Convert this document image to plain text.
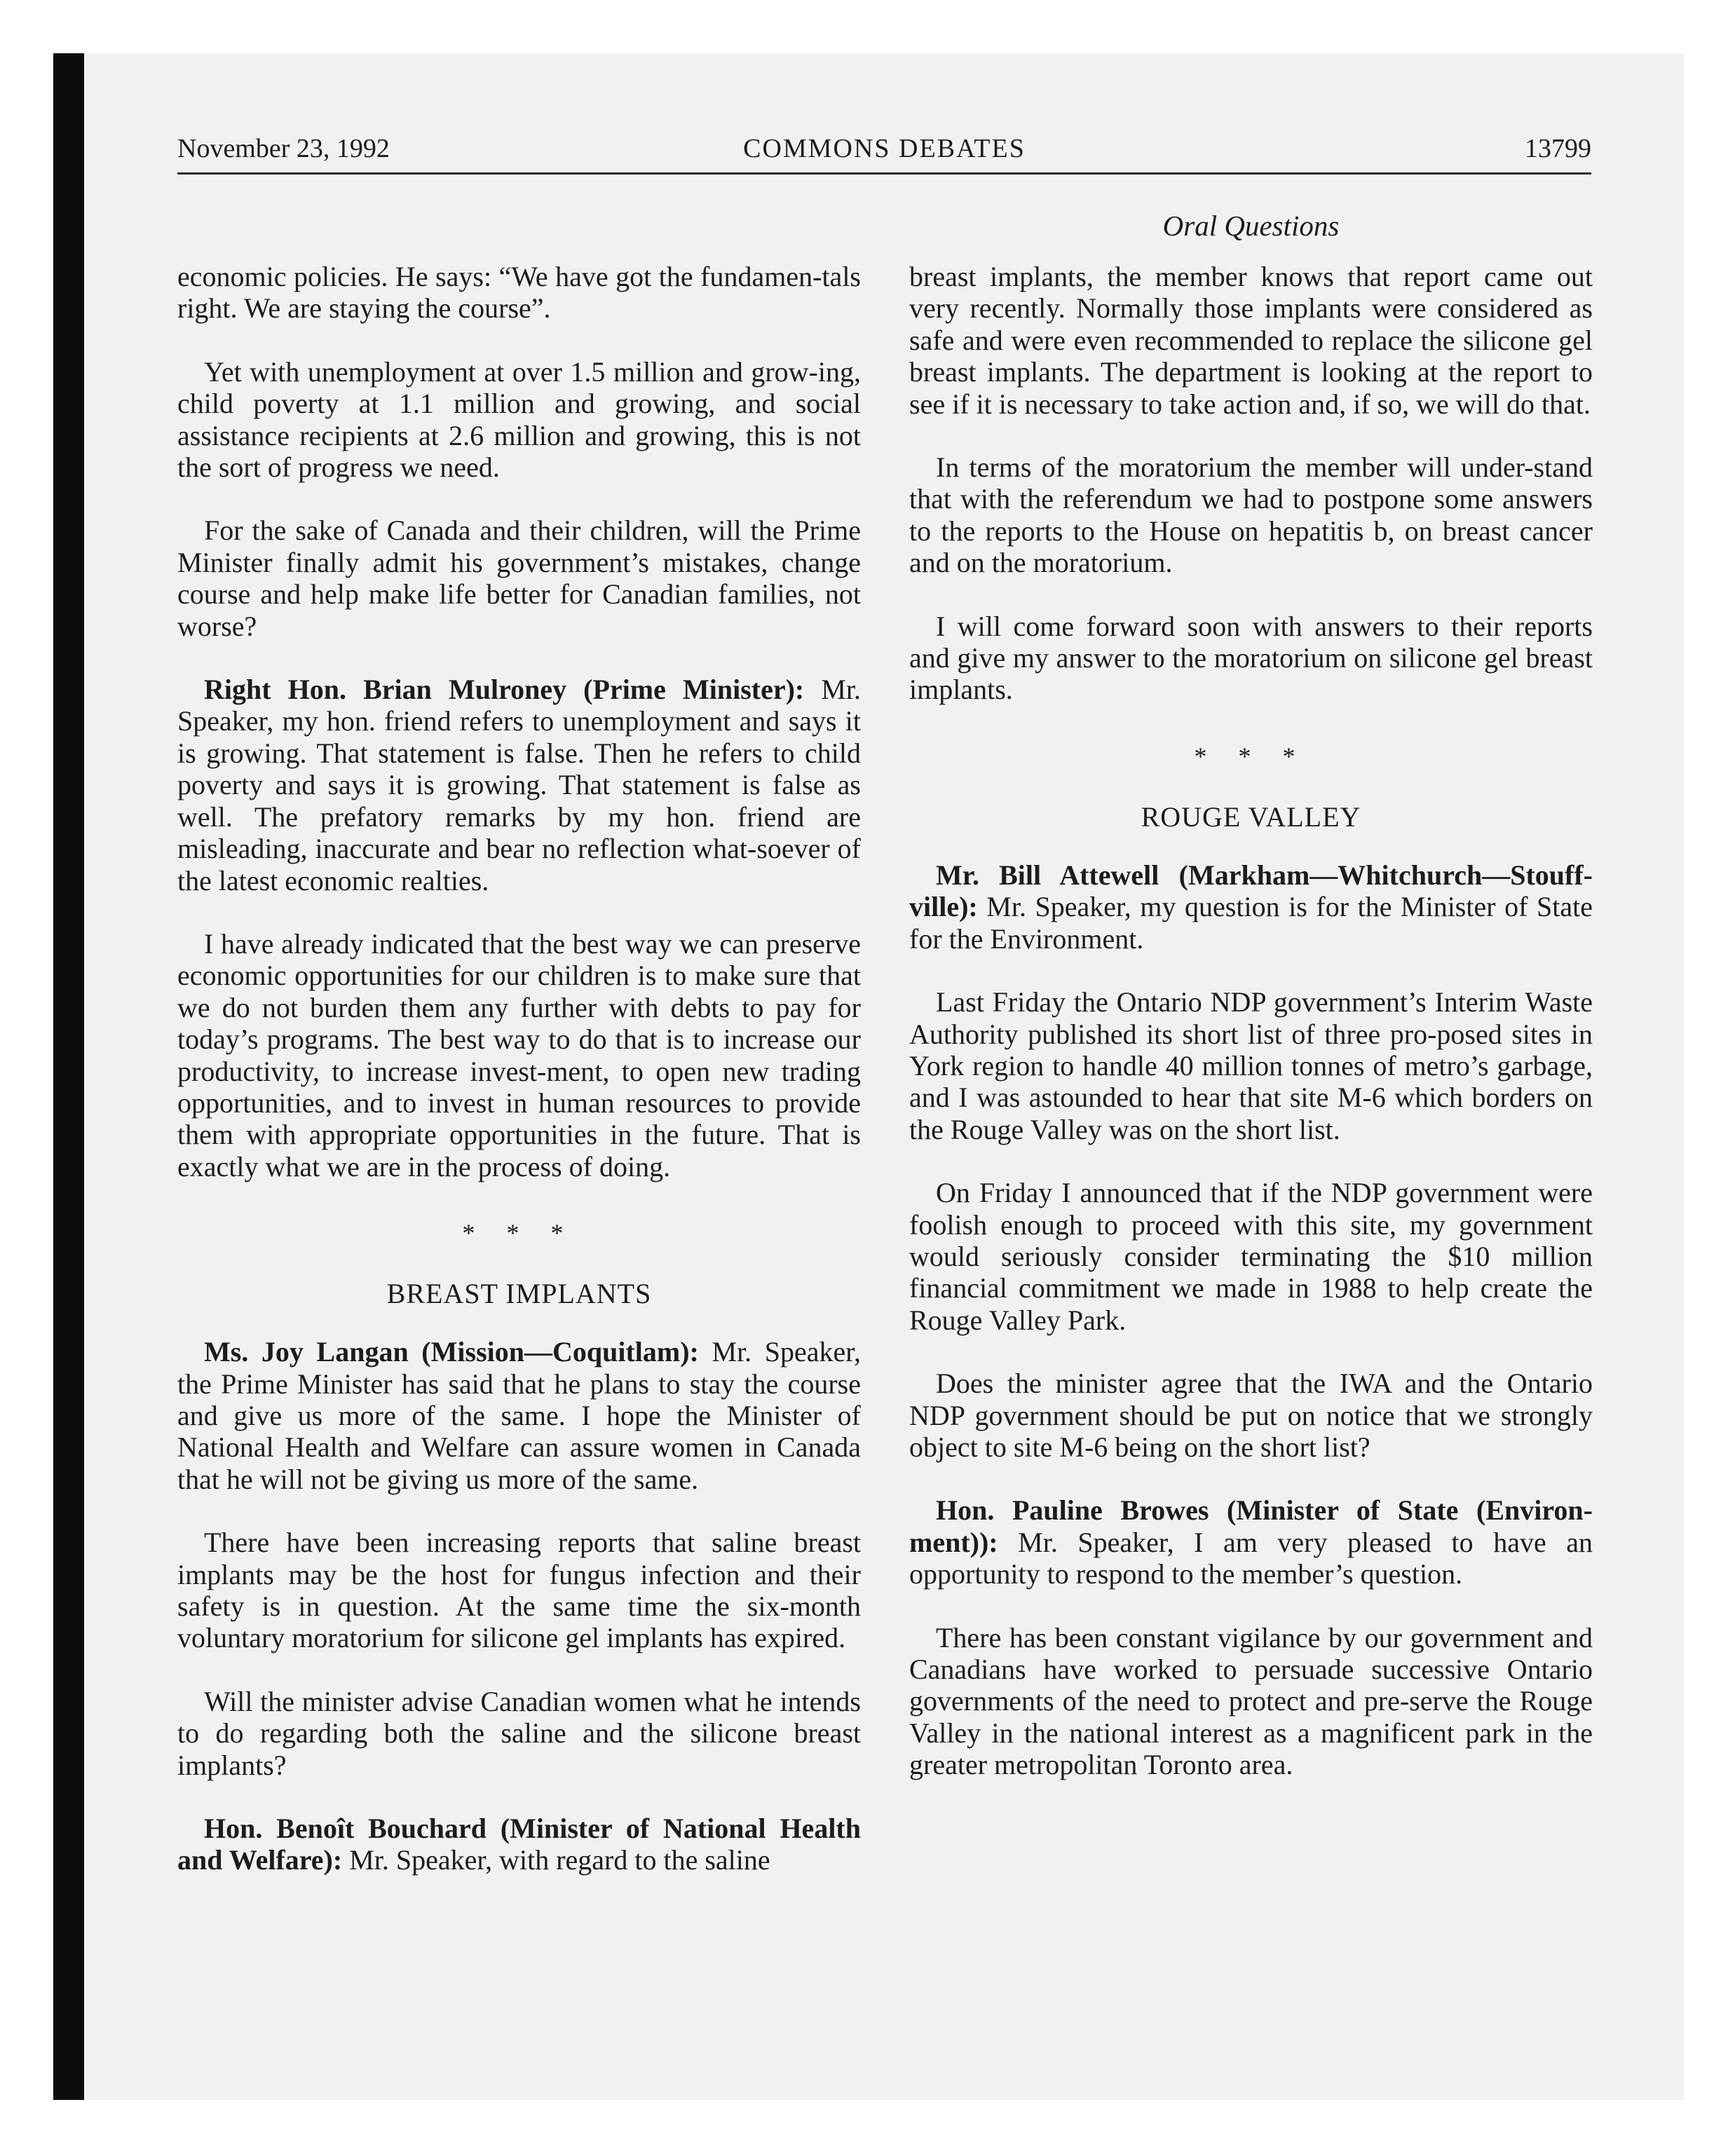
November 23, 1992	COMMONS DEBATES	13799
Oral Questions

economic policies. He says: “We have got the fundamen-tals right. We are staying the course”.

Yet with unemployment at over 1.5 million and grow-ing, child poverty at 1.1 million and growing, and social assistance recipients at 2.6 million and growing, this is not the sort of progress we need.

For the sake of Canada and their children, will the Prime Minister finally admit his government’s mistakes, change course and help make life better for Canadian families, not worse?

Right Hon. Brian Mulroney (Prime Minister): Mr. Speaker, my hon. friend refers to unemployment and says it is growing. That statement is false. Then he refers to child poverty and says it is growing. That statement is false as well. The prefatory remarks by my hon. friend are misleading, inaccurate and bear no reflection what-soever of the latest economic realties.

I have already indicated that the best way we can preserve economic opportunities for our children is to make sure that we do not burden them any further with debts to pay for today’s programs. The best way to do that is to increase our productivity, to increase invest-ment, to open new trading opportunities, and to invest in human resources to provide them with appropriate opportunities in the future. That is exactly what we are in the process of doing.

* * *
BREAST IMPLANTS

Ms. Joy Langan (Mission—Coquitlam): Mr. Speaker, the Prime Minister has said that he plans to stay the course and give us more of the same. I hope the Minister of National Health and Welfare can assure women in Canada that he will not be giving us more of the same.

There have been increasing reports that saline breast implants may be the host for fungus infection and their safety is in question. At the same time the six-month voluntary moratorium for silicone gel implants has expired.

Will the minister advise Canadian women what he intends to do regarding both the saline and the silicone breast implants?

Hon. Benoît Bouchard (Minister of National Health and Welfare): Mr. Speaker, with regard to the saline

breast implants, the member knows that report came out very recently. Normally those implants were considered as safe and were even recommended to replace the silicone gel breast implants. The department is looking at the report to see if it is necessary to take action and, if so, we will do that.

In terms of the moratorium the member will under-stand that with the referendum we had to postpone some answers to the reports to the House on hepatitis b, on breast cancer and on the moratorium.

I will come forward soon with answers to their reports and give my answer to the moratorium on silicone gel breast implants.

* * *
ROUGE VALLEY

Mr. Bill Attewell (Markham—Whitchurch—Stouff-ville): Mr. Speaker, my question is for the Minister of State for the Environment.

Last Friday the Ontario NDP government’s Interim Waste Authority published its short list of three pro-posed sites in York region to handle 40 million tonnes of metro’s garbage, and I was astounded to hear that site M-6 which borders on the Rouge Valley was on the short list.

On Friday I announced that if the NDP government were foolish enough to proceed with this site, my government would seriously consider terminating the $10 million financial commitment we made in 1988 to help create the Rouge Valley Park.

Does the minister agree that the IWA and the Ontario NDP government should be put on notice that we strongly object to site M-6 being on the short list?

Hon. Pauline Browes (Minister of State (Environ-ment)): Mr. Speaker, I am very pleased to have an opportunity to respond to the member’s question.

There has been constant vigilance by our government and Canadians have worked to persuade successive Ontario governments of the need to protect and pre-serve the Rouge Valley in the national interest as a magnificent park in the greater metropolitan Toronto area.
